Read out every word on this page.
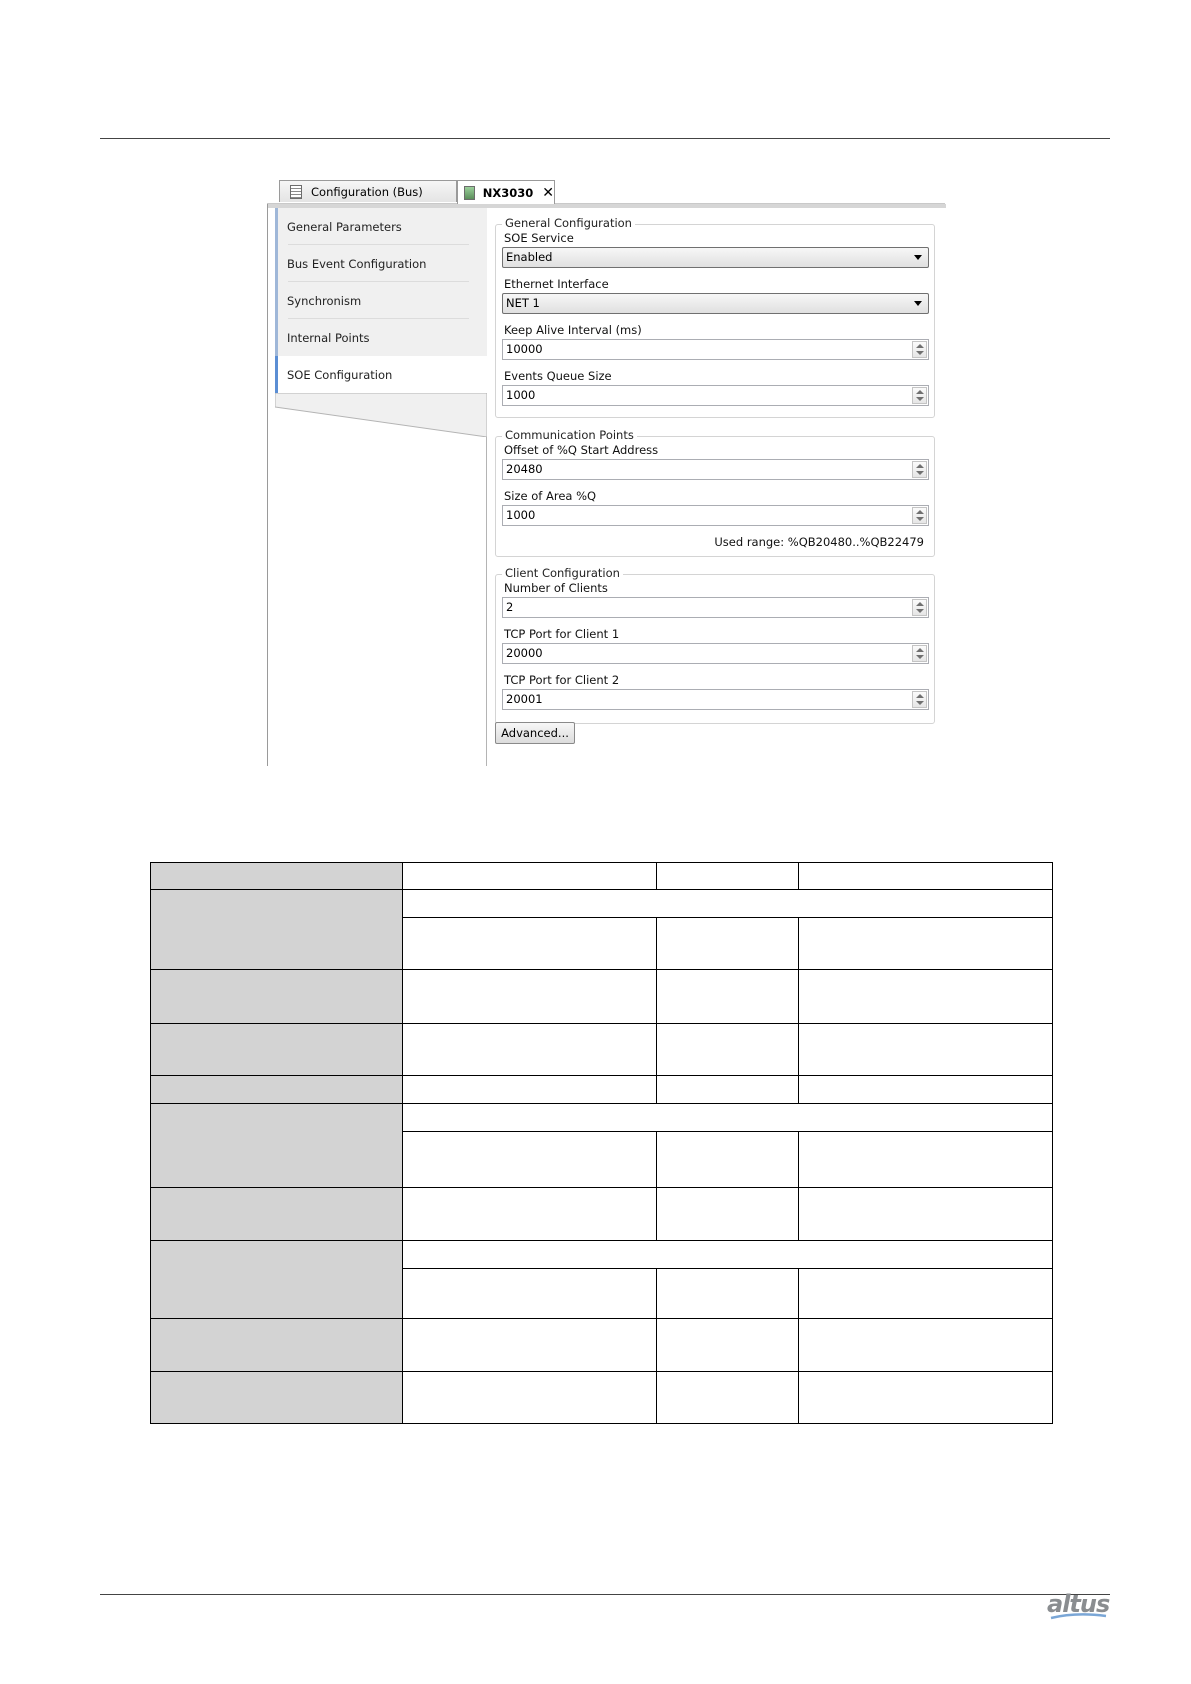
Configuration (Bus)	NX3030 ✕
General Parameters
Bus Event Configuration
Synchronism
Internal Points
SOE Configuration
General Configuration
SOE Service
Enabled
Ethernet Interface
NET 1
Keep Alive Interval (ms)
10000
Events Queue Size
1000
Communication Points
Offset of %Q Start Address
20480
Size of Area %Q
1000
Used range: %QB20480..%QB22479
Client Configuration
Number of Clients
2
TCP Port for Client 1
20000
TCP Port for Client 2
20001
Advanced...
altus
